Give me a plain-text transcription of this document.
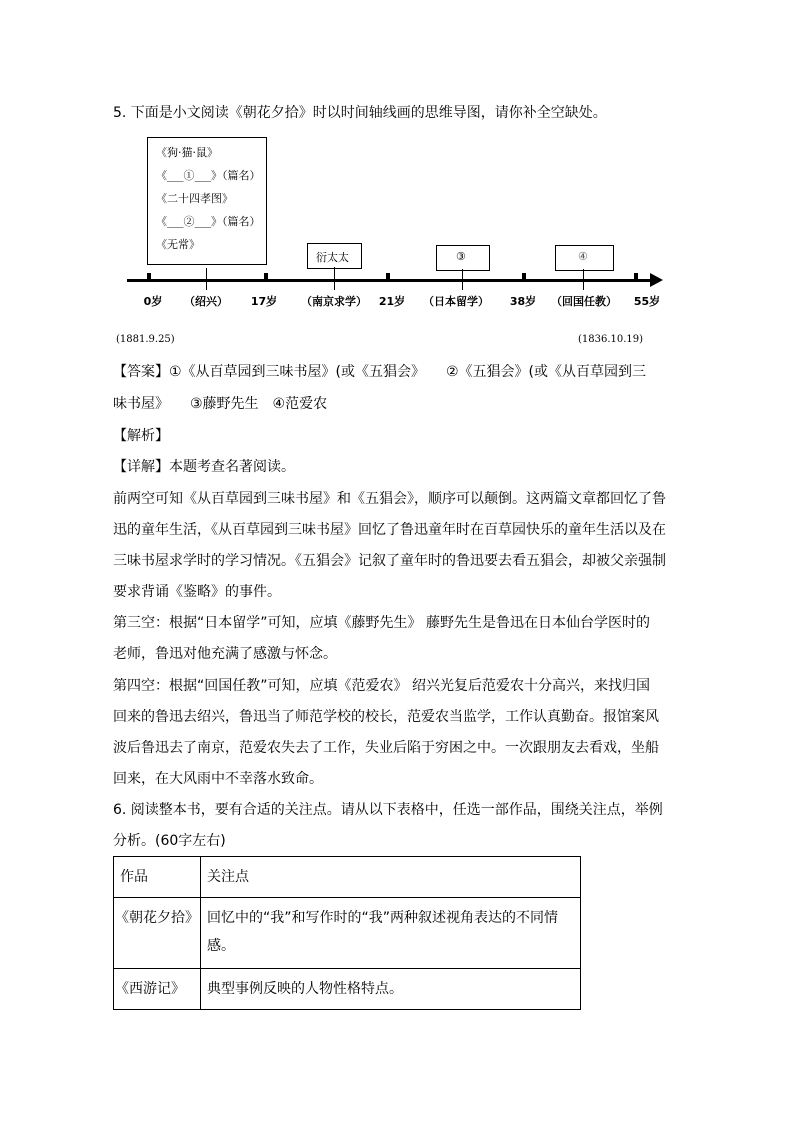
5. 下面是小文阅读《朝花夕拾》时以时间轴线画的思维导图，请你补全空缺处。
《狗·猫·鼠》
《___①___》（篇名）
《二十四孝图》
《___②___》（篇名）
《无常》
衍太太	③	④
0岁 （绍兴） 17岁 （南京求学） 21岁 （日本留学） 38岁 （回国任教） 55岁
(1881.9.25)	(1836.10.19)
【答案】①《从百草园到三味书屋》(或《五猖会》　　②《五猖会》(或《从百草园到三
味书屋》　　③藤野先生　④范爱农
【解析】
【详解】本题考查名著阅读。
前两空可知《从百草园到三味书屋》和《五猖会》，顺序可以颠倒。这两篇文章都回忆了鲁
迅的童年生活，《从百草园到三味书屋》回忆了鲁迅童年时在百草园快乐的童年生活以及在
三味书屋求学时的学习情况。《五猖会》记叙了童年时的鲁迅要去看五猖会，却被父亲强制
要求背诵《鉴略》的事件。
第三空：根据“日本留学”可知，应填《藤野先生》 藤野先生是鲁迅在日本仙台学医时的
老师，鲁迅对他充满了感激与怀念。
第四空：根据“回国任教”可知，应填《范爱农》 绍兴光复后范爱农十分高兴，来找归国
回来的鲁迅去绍兴，鲁迅当了师范学校的校长，范爱农当监学，工作认真勤奋。报馆案风
波后鲁迅去了南京，范爱农失去了工作，失业后陷于穷困之中。一次跟朋友去看戏，坐船
回来，在大风雨中不幸落水致命。
6. 阅读整本书，要有合适的关注点。请从以下表格中，任选一部作品，围绕关注点，举例
分析。(60字左右)
作品	关注点
《朝花夕拾》	回忆中的“我”和写作时的“我”两种叙述视角表达的不同情感。
《西游记》	典型事例反映的人物性格特点。
